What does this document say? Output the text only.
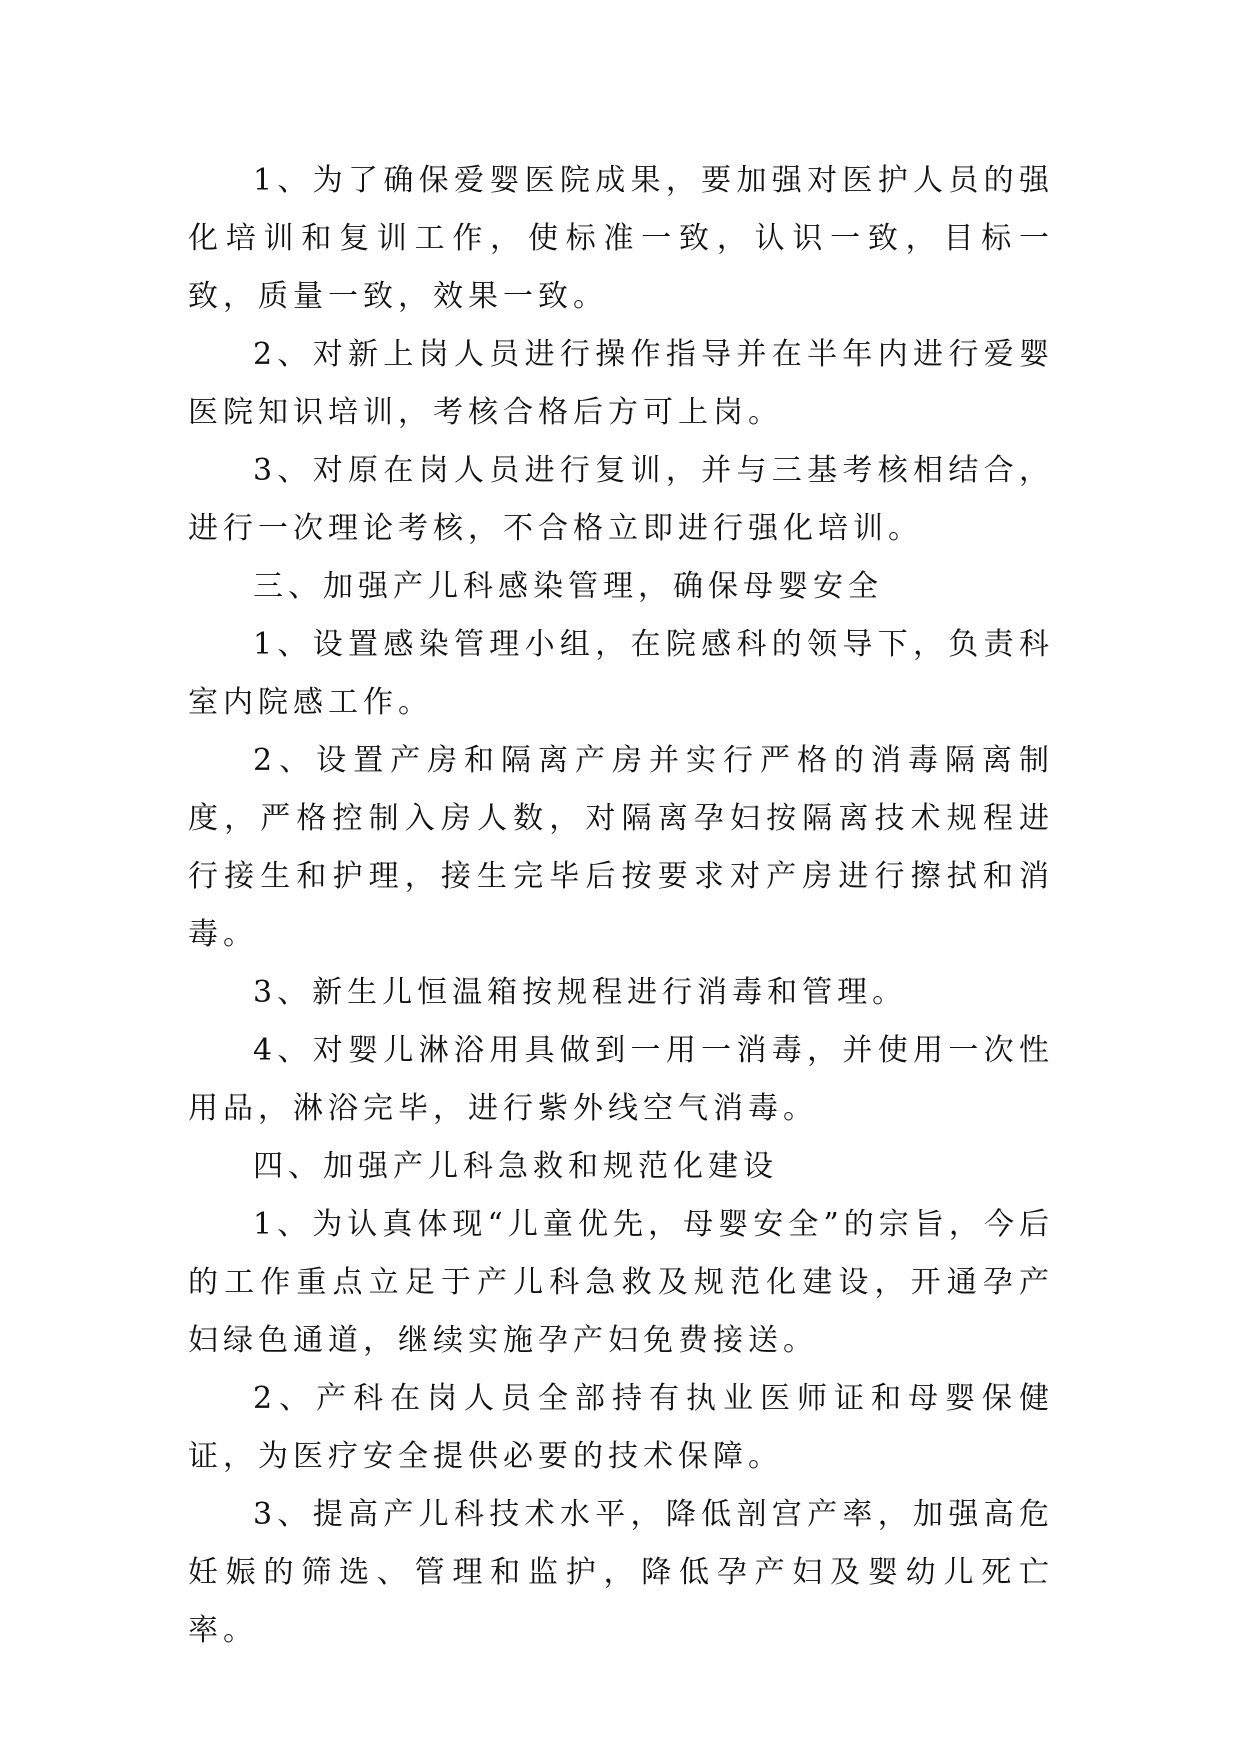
1、为了确保爱婴医院成果，要加强对医护人员的强化培训和复训工作，使标准一致，认识一致，目标一致，质量一致，效果一致。

2、对新上岗人员进行操作指导并在半年内进行爱婴医院知识培训，考核合格后方可上岗。

3、对原在岗人员进行复训，并与三基考核相结合，进行一次理论考核，不合格立即进行强化培训。

三、加强产儿科感染管理，确保母婴安全

1、设置感染管理小组，在院感科的领导下，负责科室内院感工作。

2、设置产房和隔离产房并实行严格的消毒隔离制度，严格控制入房人数，对隔离孕妇按隔离技术规程进行接生和护理，接生完毕后按要求对产房进行擦拭和消毒。

3、新生儿恒温箱按规程进行消毒和管理。

4、对婴儿淋浴用具做到一用一消毒，并使用一次性用品，淋浴完毕，进行紫外线空气消毒。

四、加强产儿科急救和规范化建设

1、为认真体现“儿童优先，母婴安全”的宗旨，今后的工作重点立足于产儿科急救及规范化建设，开通孕产妇绿色通道，继续实施孕产妇免费接送。

2、产科在岗人员全部持有执业医师证和母婴保健证，为医疗安全提供必要的技术保障。

3、提高产儿科技术水平，降低剖宫产率，加强高危妊娠的筛选、管理和监护，降低孕产妇及婴幼儿死亡率。
